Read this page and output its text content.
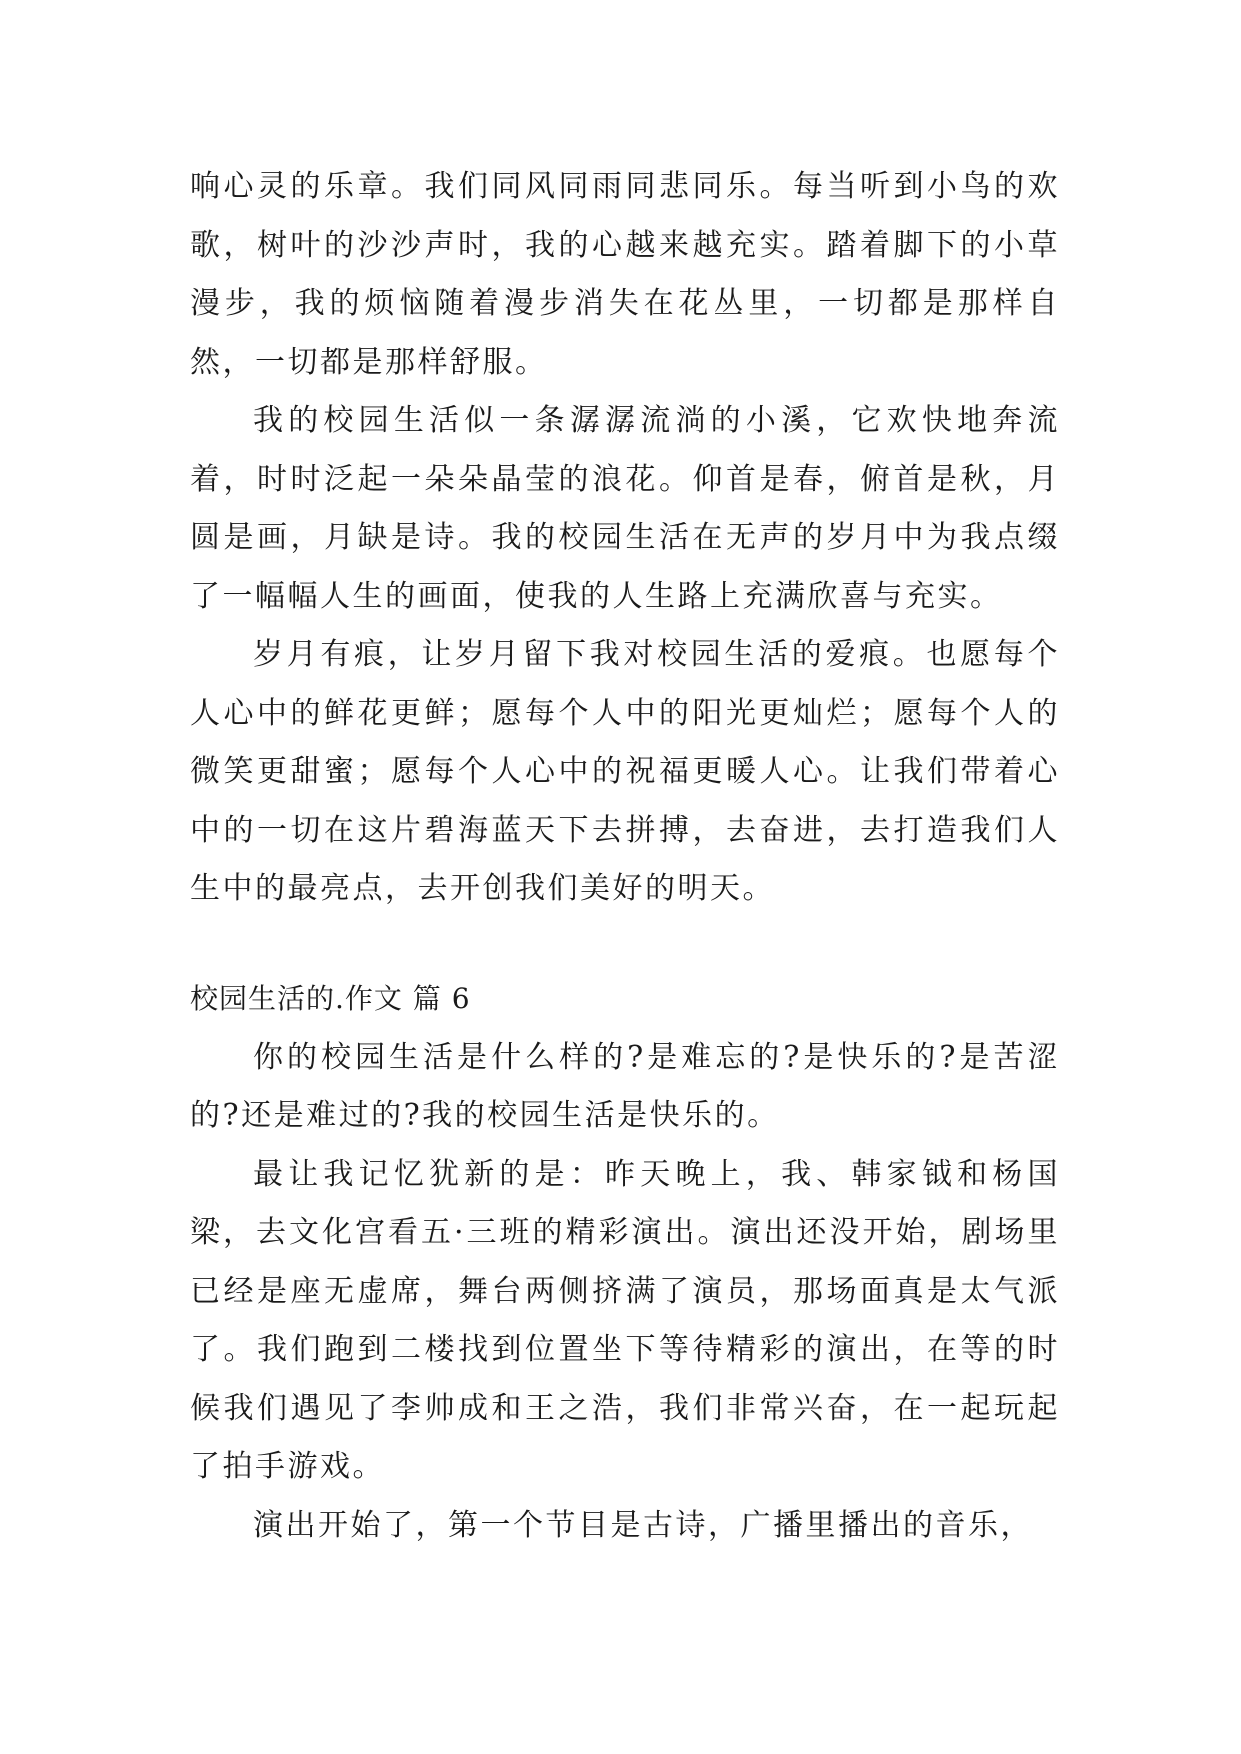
响心灵的乐章。我们同风同雨同悲同乐。每当听到小鸟的欢歌，树叶的沙沙声时，我的心越来越充实。踏着脚下的小草漫步，我的烦恼随着漫步消失在花丛里，一切都是那样自然，一切都是那样舒服。

我的校园生活似一条潺潺流淌的小溪，它欢快地奔流着，时时泛起一朵朵晶莹的浪花。仰首是春，俯首是秋，月圆是画，月缺是诗。我的校园生活在无声的岁月中为我点缀了一幅幅人生的画面，使我的人生路上充满欣喜与充实。

岁月有痕，让岁月留下我对校园生活的爱痕。也愿每个人心中的鲜花更鲜；愿每个人中的阳光更灿烂；愿每个人的微笑更甜蜜；愿每个人心中的祝福更暖人心。让我们带着心中的一切在这片碧海蓝天下去拼搏，去奋进，去打造我们人生中的最亮点，去开创我们美好的明天。

校园生活的.作文 篇 6

你的校园生活是什么样的?是难忘的?是快乐的?是苦涩的?还是难过的?我的校园生活是快乐的。

最让我记忆犹新的是：昨天晚上，我、韩家钺和杨国梁，去文化宫看五·三班的精彩演出。演出还没开始，剧场里已经是座无虚席，舞台两侧挤满了演员，那场面真是太气派了。我们跑到二楼找到位置坐下等待精彩的演出，在等的时候我们遇见了李帅成和王之浩，我们非常兴奋，在一起玩起了拍手游戏。

演出开始了，第一个节目是古诗，广播里播出的音乐，
